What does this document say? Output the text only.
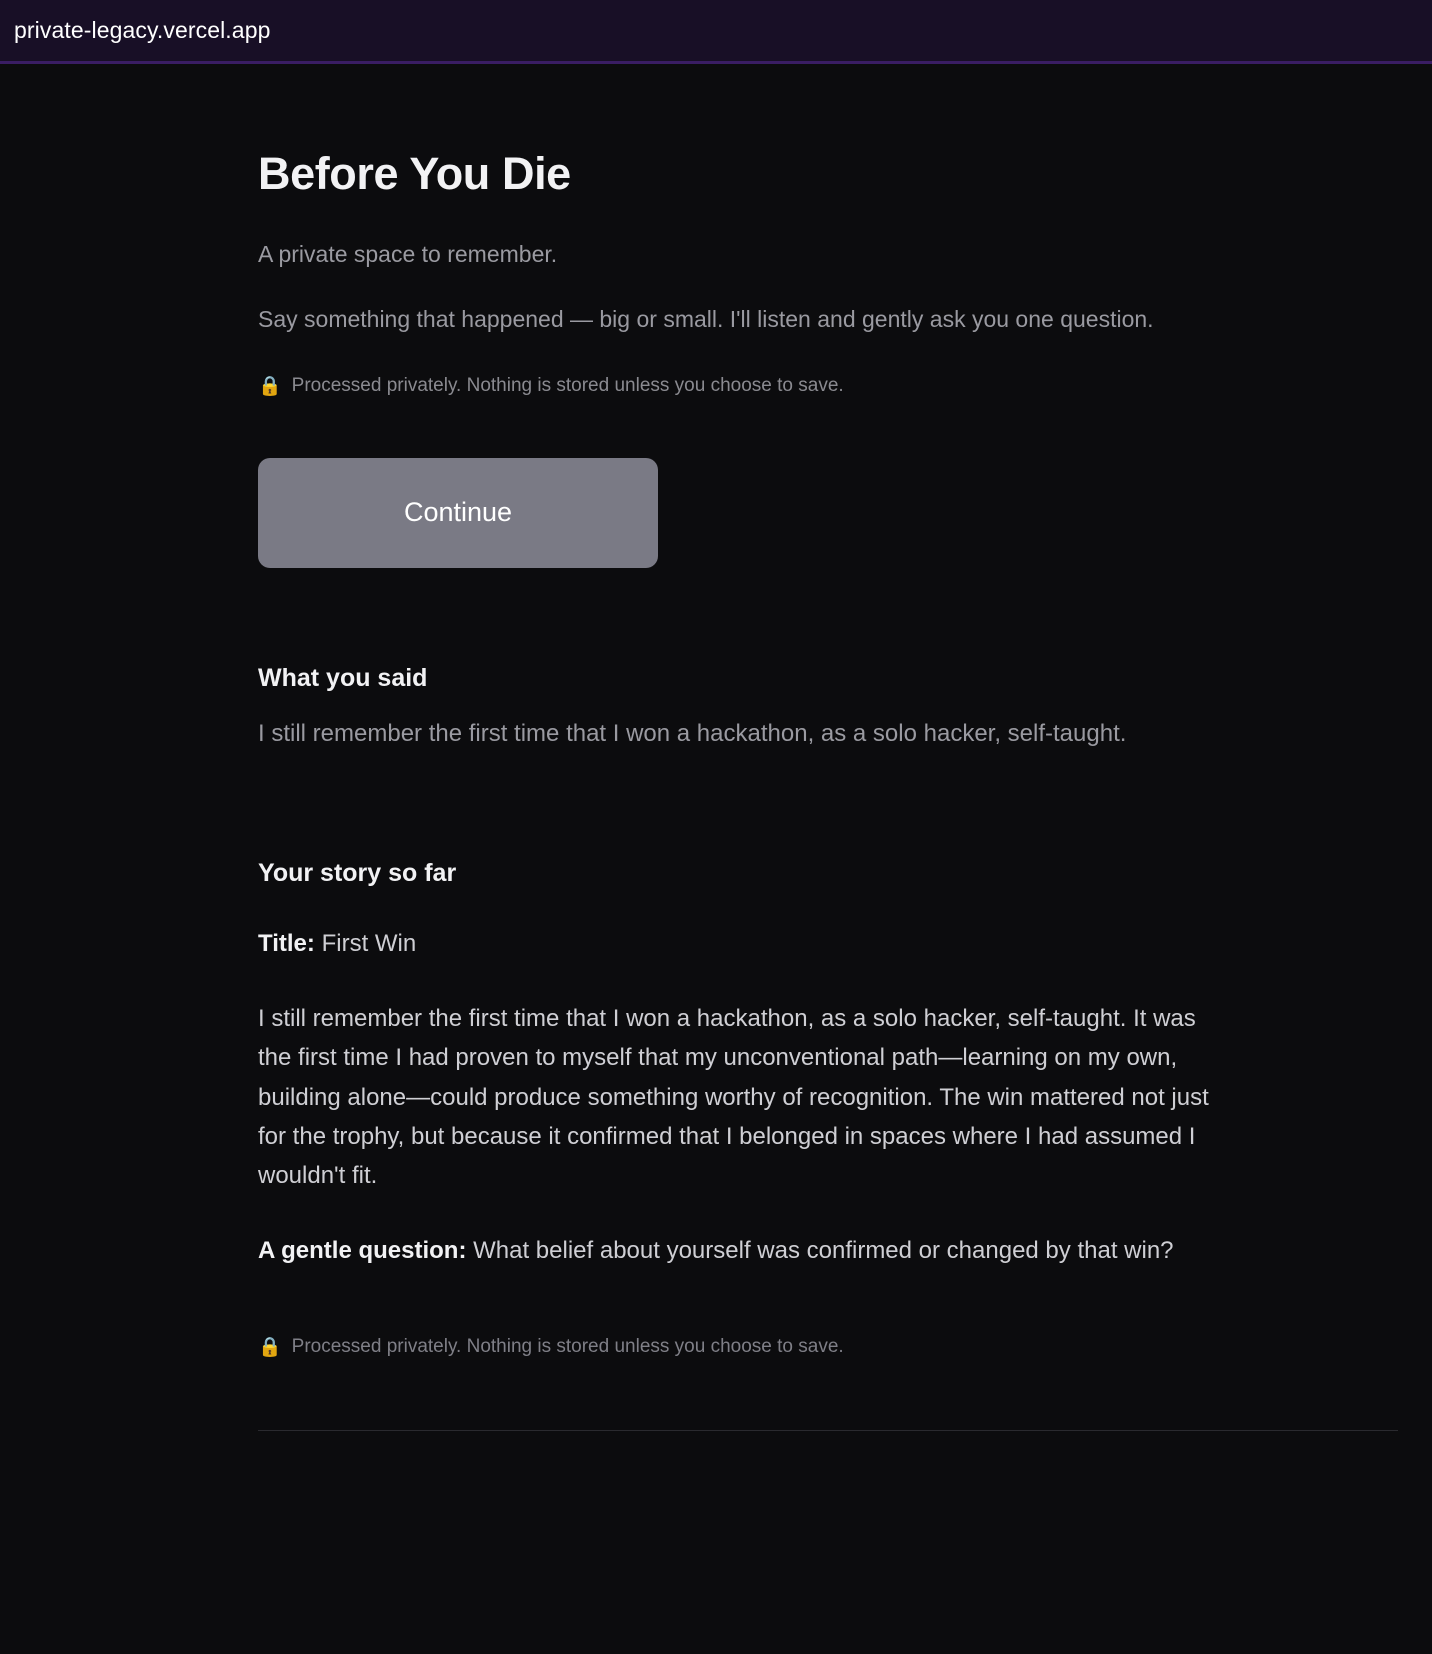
private-legacy.vercel.app
Before You Die

A private space to remember.

Say something that happened — big or small. I'll listen and gently ask you one question.

🔒 Processed privately. Nothing is stored unless you choose to save.

Continue
What you said

I still remember the first time that I won a hackathon, as a solo hacker, self-taught.

Your story so far

Title: First Win

I still remember the first time that I won a hackathon, as a solo hacker, self-taught. It was the first time I had proven to myself that my unconventional path—learning on my own, building alone—could produce something worthy of recognition. The win mattered not just for the trophy, but because it confirmed that I belonged in spaces where I had assumed I wouldn't fit.

A gentle question: What belief about yourself was confirmed or changed by that win?

🔒 Processed privately. Nothing is stored unless you choose to save.
